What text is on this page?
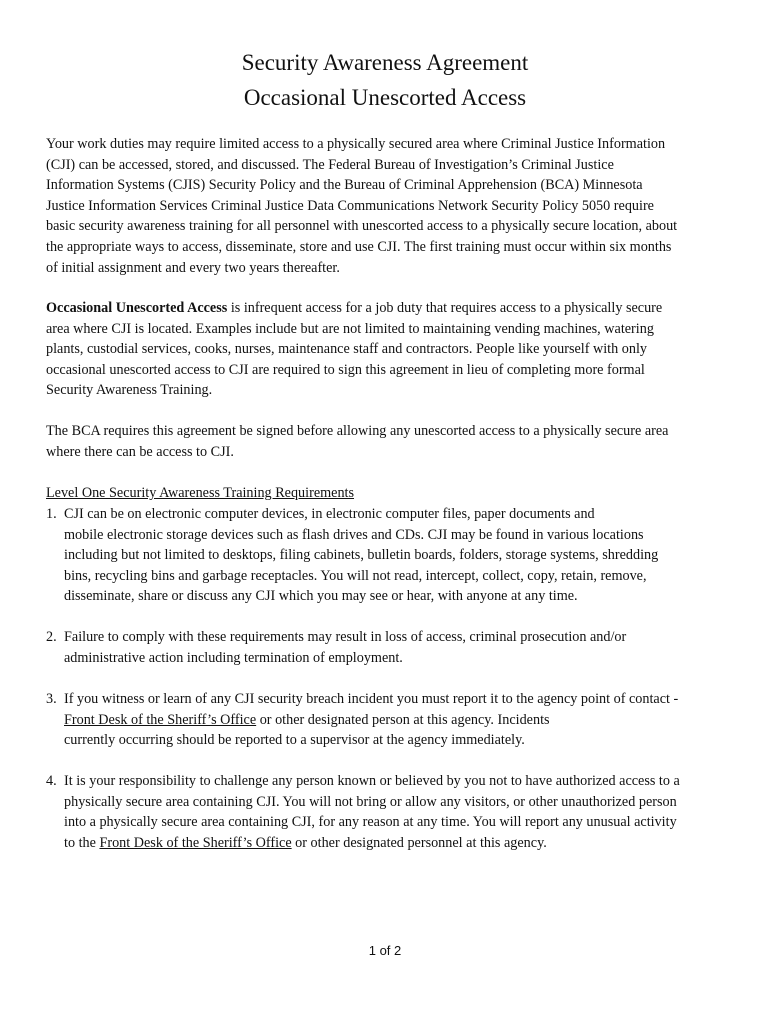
Security Awareness Agreement
Occasional Unescorted Access
Your work duties may require limited access to a physically secured area where Criminal Justice Information
(CJI) can be accessed, stored, and discussed. The Federal Bureau of Investigation’s Criminal Justice
Information Systems (CJIS) Security Policy and the Bureau of Criminal Apprehension (BCA) Minnesota
Justice Information Services Criminal Justice Data Communications Network Security Policy 5050 require
basic security awareness training for all personnel with unescorted access to a physically secure location, about
the appropriate ways to access, disseminate, store and use CJI. The first training must occur within six months
of initial assignment and every two years thereafter.
Occasional Unescorted Access is infrequent access for a job duty that requires access to a physically secure
area where CJI is located. Examples include but are not limited to maintaining vending machines, watering
plants, custodial services, cooks, nurses, maintenance staff and contractors. People like yourself with only
occasional unescorted access to CJI are required to sign this agreement in lieu of completing more formal
Security Awareness Training.
The BCA requires this agreement be signed before allowing any unescorted access to a physically secure area
where there can be access to CJI.
Level One Security Awareness Training Requirements
1. CJI can be on electronic computer devices, in electronic computer files, paper documents and
mobile electronic storage devices such as flash drives and CDs. CJI may be found in various locations
including but not limited to desktops, filing cabinets, bulletin boards, folders, storage systems, shredding
bins, recycling bins and garbage receptacles. You will not read, intercept, collect, copy, retain, remove,
disseminate, share or discuss any CJI which you may see or hear, with anyone at any time.
2. Failure to comply with these requirements may result in loss of access, criminal prosecution and/or
administrative action including termination of employment.
3. If you witness or learn of any CJI security breach incident you must report it to the agency point of contact -
Front Desk of the Sheriff’s Office or other designated person at this agency. Incidents
currently occurring should be reported to a supervisor at the agency immediately.
4. It is your responsibility to challenge any person known or believed by you not to have authorized access to a
physically secure area containing CJI. You will not bring or allow any visitors, or other unauthorized person
into a physically secure area containing CJI, for any reason at any time. You will report any unusual activity
to the Front Desk of the Sheriff’s Office or other designated personnel at this agency.
1 of 2
